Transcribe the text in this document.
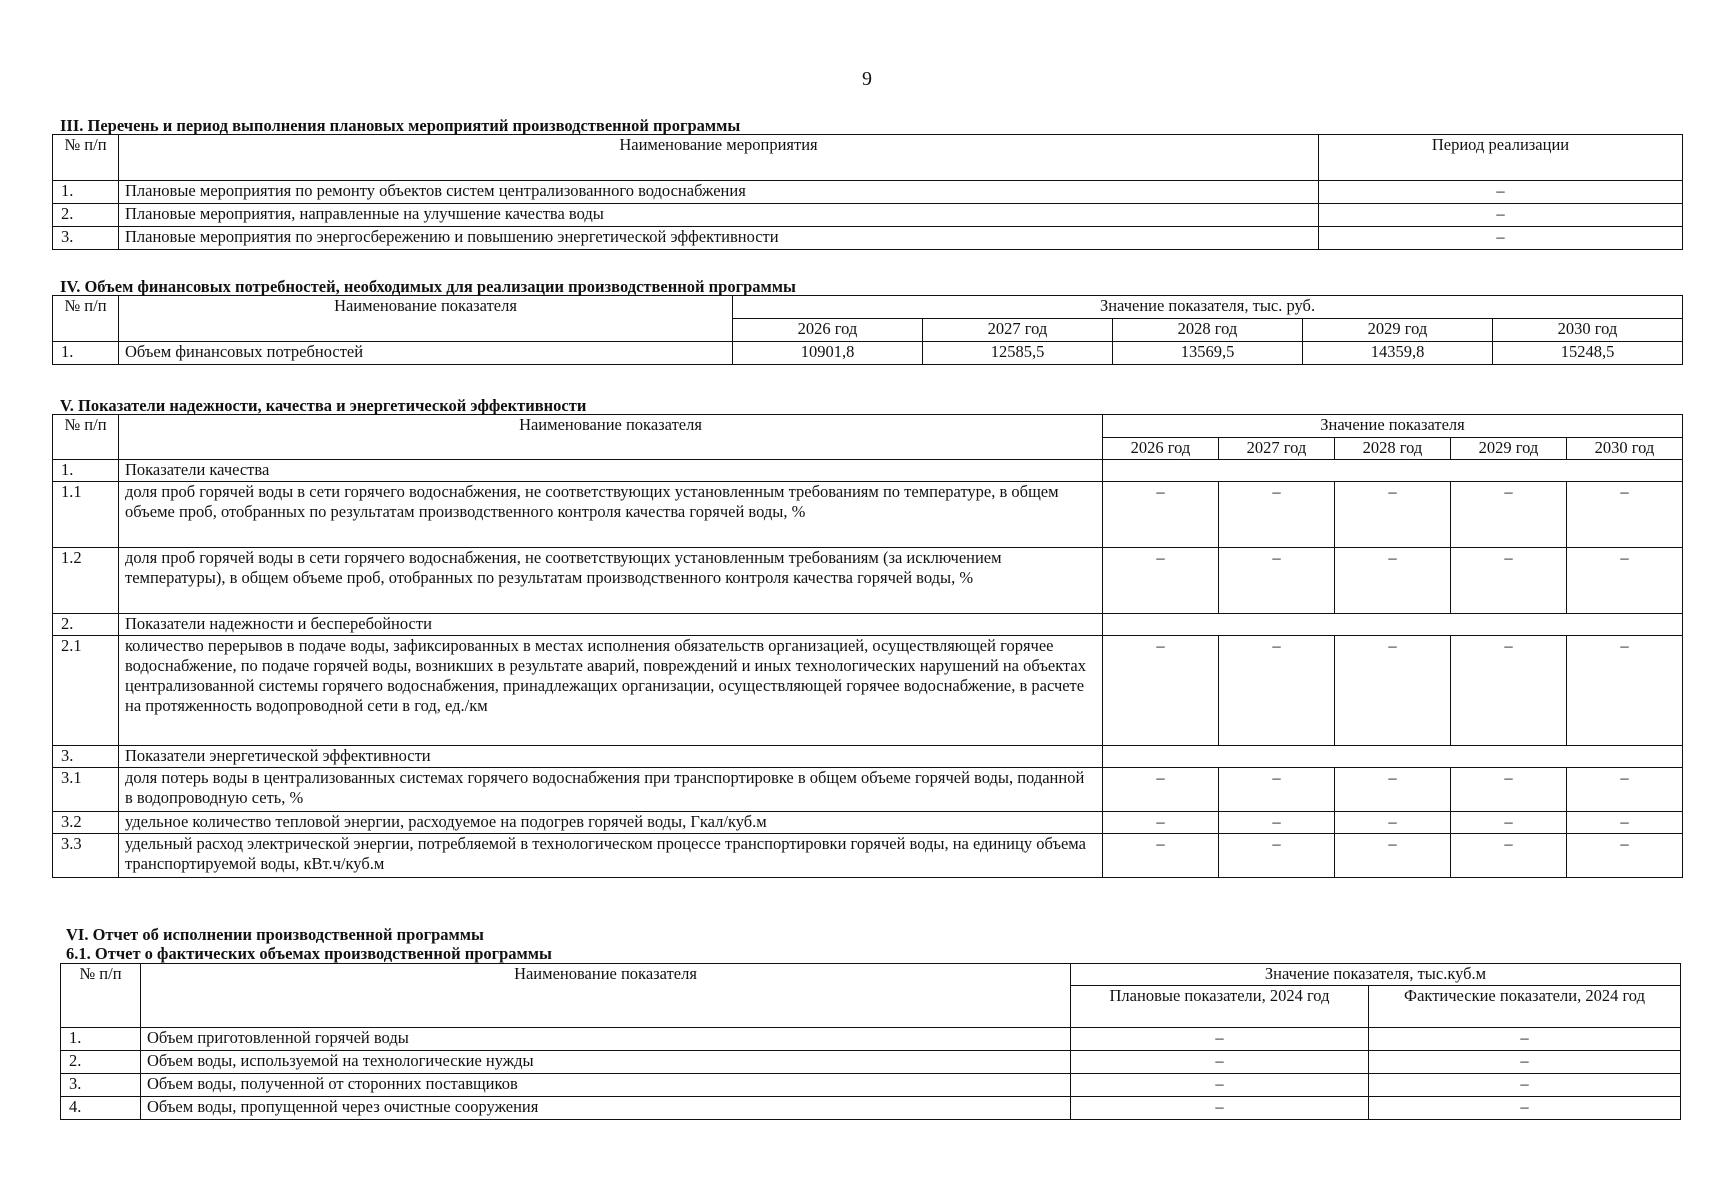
9
III. Перечень и период выполнения плановых мероприятий производственной программы
№ п/п	Наименование мероприятия	Период реализации
1.	Плановые мероприятия по ремонту объектов систем централизованного водоснабжения	–
2.	Плановые мероприятия, направленные на улучшение качества воды	–
3.	Плановые мероприятия по энергосбережению и повышению энергетической эффективности	–
IV. Объем финансовых потребностей, необходимых для реализации производственной программы
№ п/п	Наименование показателя	Значение показателя, тыс. руб.				
		2026 год	2027 год	2028 год	2029 год	2030 год
1.	Объем финансовых потребностей	10901,8	12585,5	13569,5	14359,8	15248,5
V. Показатели надежности, качества и энергетической эффективности
№ п/п	Наименование показателя	Значение показателя				
		2026 год	2027 год	2028 год	2029 год	2030 год
1.	Показатели качества					
1.1	доля проб горячей воды в сети горячего водоснабжения, не соответствующих установленным требованиям по температуре, в общем объеме проб, отобранных по результатам производственного контроля качества горячей воды, %	–	–	–	–	–
1.2	доля проб горячей воды в сети горячего водоснабжения, не соответствующих установленным требованиям (за исключением температуры), в общем объеме проб, отобранных по результатам производственного контроля качества горячей воды, %	–	–	–	–	–
2.	Показатели надежности и бесперебойности					
2.1	количество перерывов в подаче воды, зафиксированных в местах исполнения обязательств организацией, осуществляющей горячее водоснабжение, по подаче горячей воды, возникших в результате аварий, повреждений и иных технологических нарушений на объектах централизованной системы горячего водоснабжения, принадлежащих организации, осуществляющей горячее водоснабжение, в расчете на протяженность водопроводной сети в год, ед./км	–	–	–	–	–
3.	Показатели энергетической эффективности					
3.1	доля потерь воды в централизованных системах горячего водоснабжения при транспортировке в общем объеме горячей воды, поданной в водопроводную сеть, %	–	–	–	–	–
3.2	удельное количество тепловой энергии, расходуемое на подогрев горячей воды, Гкал/куб.м	–	–	–	–	–
3.3	удельный расход электрической энергии, потребляемой в технологическом процессе транспортировки горячей воды, на единицу объема транспортируемой воды, кВт.ч/куб.м	–	–	–	–	–
VI. Отчет об исполнении производственной программы
6.1. Отчет о фактических объемах производственной программы
№ п/п	Наименование показателя	Значение показателя, тыс.куб.м	
		Плановые показатели, 2024 год	Фактические показатели, 2024 год
1.	Объем приготовленной горячей воды	–	–
2.	Объем воды, используемой на технологические нужды	–	–
3.	Объем воды, полученной от сторонних поставщиков	–	–
4.	Объем воды, пропущенной через очистные сооружения	–	–
